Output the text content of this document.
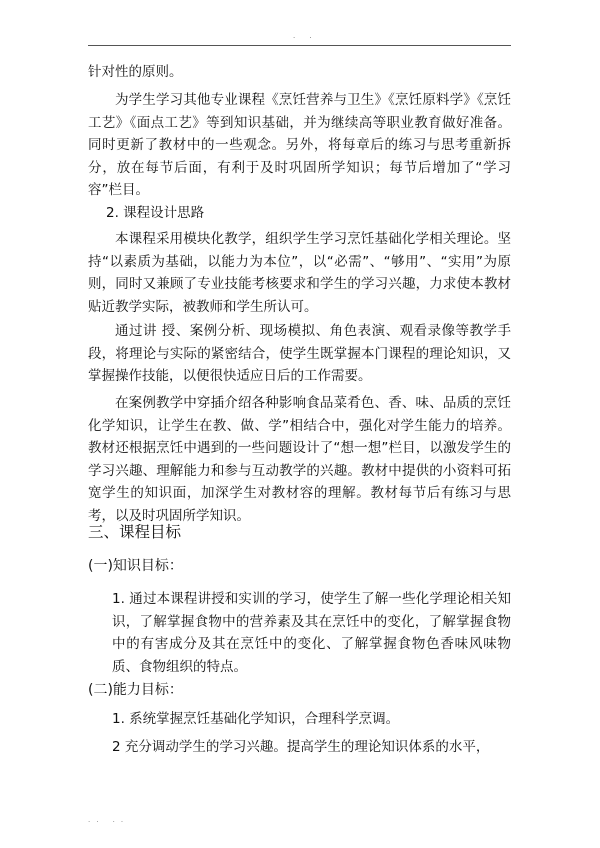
· ·

针对性的原则。

为学生学习其他专业课程《烹饪营养与卫生》《烹饪原料学》《烹饪工艺》《面点工艺》等到知识基础，并为继续高等职业教育做好准备。同时更新了教材中的一些观念。另外，将每章后的练习与思考重新拆分，放在每节后面，有利于及时巩固所学知识；每节后增加了“学习容”栏目。

2. 课程设计思路

本课程采用模块化教学，组织学生学习烹饪基础化学相关理论。坚持“以素质为基础，以能力为本位”，以“必需”、“够用”、“实用”为原则，同时又兼顾了专业技能考核要求和学生的学习兴趣，力求使本教材贴近教学实际，被教师和学生所认可。

通过讲 授、案例分析、现场模拟、角色表演、观看录像等教学手段，将理论与实际的紧密结合，使学生既掌握本门课程的理论知识，又掌握操作技能，以便很快适应日后的工作需要。

在案例教学中穿插介绍各种影响食品菜肴色、香、味、品质的烹饪化学知识，让学生在教、做、学”相结合中，强化对学生能力的培养。 教材还根据烹饪中遇到的一些问题设计了“想一想”栏目，以激发学生的学习兴趣、理解能力和参与互动教学的兴趣。教材中提供的小资料可拓宽学生的知识面，加深学生对教材容的理解。教材每节后有练习与思考，以及时巩固所学知识。

三、课程目标
(一)知识目标：

1. 通过本课程讲授和实训的学习，使学生了解一些化学理论相关知识，了解掌握食物中的营养素及其在烹饪中的变化，了解掌握食物中的有害成分及其在烹饪中的变化、了解掌握食物色香味风味物质、食物组织的特点。

(二)能力目标：

1. 系统掌握烹饪基础化学知识，合理科学烹调。

2 充分调动学生的学习兴趣。提高学生的理论知识体系的水平，

·· ··
